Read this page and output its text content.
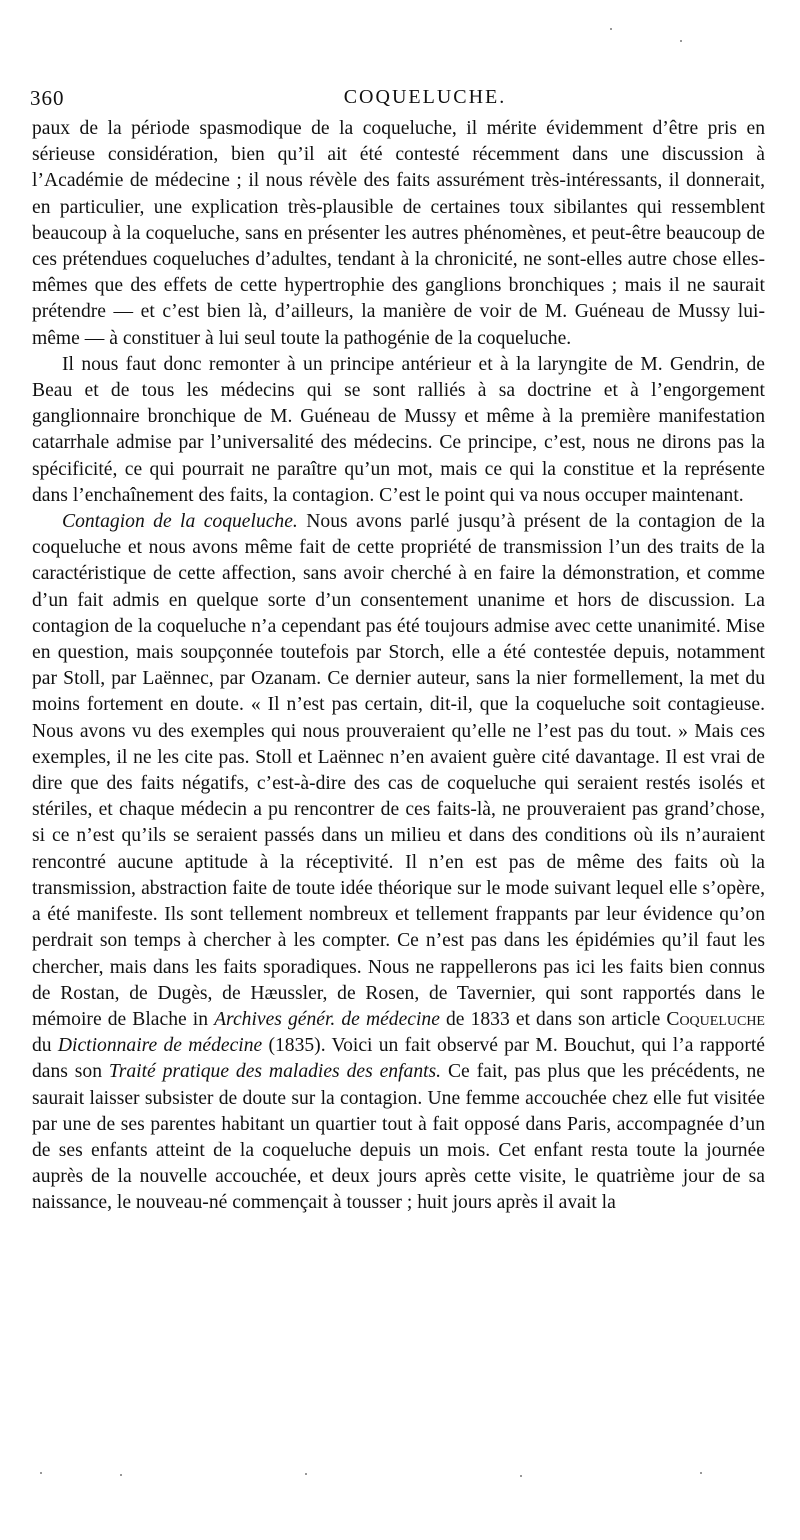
360	COQUELUCHE.

paux de la période spasmodique de la coqueluche, il mérite évidemment d’être pris en sérieuse considération, bien qu’il ait été contesté récemment dans une discussion à l’Académie de médecine ; il nous révèle des faits assurément très-intéressants, il donnerait, en particulier, une explication très-plausible de certaines toux sibilantes qui ressemblent beaucoup à la coqueluche, sans en présenter les autres phénomènes, et peut-être beaucoup de ces prétendues coqueluches d’adultes, tendant à la chronicité, ne sont-elles autre chose elles-mêmes que des effets de cette hypertrophie des ganglions bronchiques ; mais il ne saurait prétendre — et c’est bien là, d’ailleurs, la manière de voir de M. Guéneau de Mussy lui-même — à constituer à lui seul toute la pathogénie de la coqueluche.

Il nous faut donc remonter à un principe antérieur et à la laryngite de M. Gendrin, de Beau et de tous les médecins qui se sont ralliés à sa doctrine et à l’engorgement ganglionnaire bronchique de M. Guéneau de Mussy et même à la première manifestation catarrhale admise par l’universalité des médecins. Ce principe, c’est, nous ne dirons pas la spécificité, ce qui pourrait ne paraître qu’un mot, mais ce qui la constitue et la représente dans l’enchaînement des faits, la contagion. C’est le point qui va nous occuper maintenant.

Contagion de la coqueluche. Nous avons parlé jusqu’à présent de la contagion de la coqueluche et nous avons même fait de cette propriété de transmission l’un des traits de la caractéristique de cette affection, sans avoir cherché à en faire la démonstration, et comme d’un fait admis en quelque sorte d’un consentement unanime et hors de discussion. La contagion de la coqueluche n’a cependant pas été toujours admise avec cette unanimité. Mise en question, mais soupçonnée toutefois par Storch, elle a été contestée depuis, notamment par Stoll, par Laënnec, par Ozanam. Ce dernier auteur, sans la nier formellement, la met du moins fortement en doute. « Il n’est pas certain, dit-il, que la coqueluche soit contagieuse. Nous avons vu des exemples qui nous prouveraient qu’elle ne l’est pas du tout. » Mais ces exemples, il ne les cite pas. Stoll et Laënnec n’en avaient guère cité davantage. Il est vrai de dire que des faits négatifs, c’est-à-dire des cas de coqueluche qui seraient restés isolés et stériles, et chaque médecin a pu rencontrer de ces faits-là, ne prouveraient pas grand’chose, si ce n’est qu’ils se seraient passés dans un milieu et dans des conditions où ils n’auraient rencontré aucune aptitude à la réceptivité. Il n’en est pas de même des faits où la transmission, abstraction faite de toute idée théorique sur le mode suivant lequel elle s’opère, a été manifeste. Ils sont tellement nombreux et tellement frappants par leur évidence qu’on perdrait son temps à chercher à les compter. Ce n’est pas dans les épidémies qu’il faut les chercher, mais dans les faits sporadiques. Nous ne rappellerons pas ici les faits bien connus de Rostan, de Dugès, de Hæussler, de Rosen, de Tavernier, qui sont rapportés dans le mémoire de Blache in Archives génér. de médecine de 1833 et dans son article Coqueluche du Dictionnaire de médecine (1835). Voici un fait observé par M. Bouchut, qui l’a rapporté dans son Traité pratique des maladies des enfants. Ce fait, pas plus que les précédents, ne saurait laisser subsister de doute sur la contagion. Une femme accouchée chez elle fut visitée par une de ses parentes habitant un quartier tout à fait opposé dans Paris, accompagnée d’un de ses enfants atteint de la coqueluche depuis un mois. Cet enfant resta toute la journée auprès de la nouvelle accouchée, et deux jours après cette visite, le quatrième jour de sa naissance, le nouveau-né commençait à tousser ; huit jours après il avait la
